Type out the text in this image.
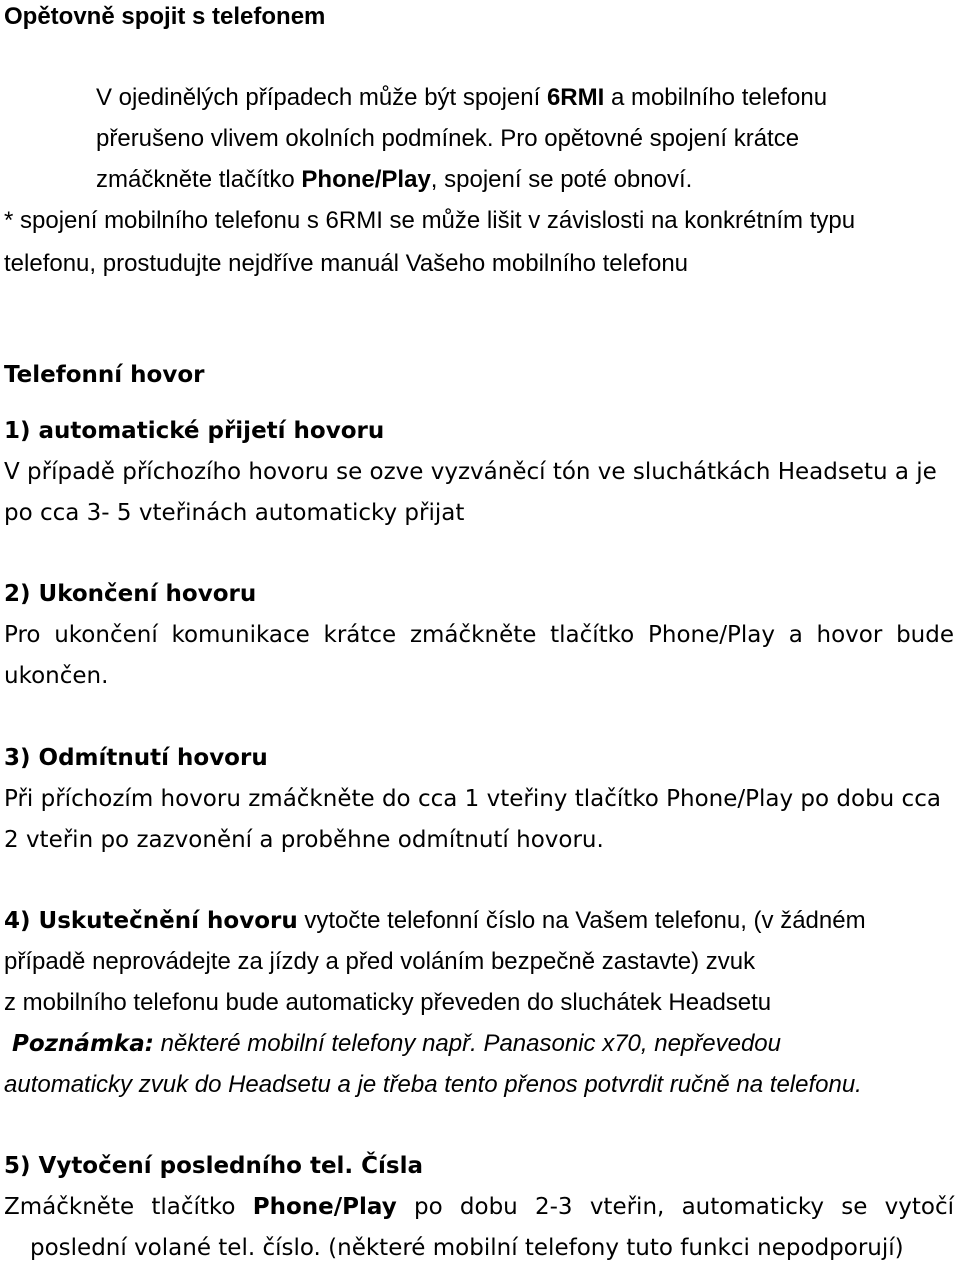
Opětovně spojit s telefonem
V ojedinělých případech může být spojení 6RMI a mobilního telefonu
přerušeno vlivem okolních podmínek. Pro opětovné spojení krátce
zmáčkněte tlačítko Phone/Play, spojení se poté obnoví.
* spojení mobilního telefonu s 6RMI se může lišit v závislosti na konkrétním typu
telefonu, prostudujte nejdříve manuál Vašeho mobilního telefonu
Telefonní hovor
1) automatické přijetí hovoru
V případě příchozího hovoru se ozve vyzváněcí tón ve sluchátkách Headsetu a je
po cca 3- 5 vteřinách automaticky přijat
2) Ukončení hovoru
Pro ukončení komunikace krátce zmáčkněte tlačítko Phone/Play a hovor bude
ukončen.
3) Odmítnutí hovoru
Při příchozím hovoru zmáčkněte do cca 1 vteřiny tlačítko Phone/Play po dobu cca
2 vteřin po zazvonění a proběhne odmítnutí hovoru.
4) Uskutečnění hovoru vytočte telefonní číslo na Vašem telefonu, (v žádném
případě neprovádejte za jízdy a před voláním bezpečně zastavte) zvuk
z mobilního telefonu bude automaticky převeden do sluchátek Headsetu
Poznámka: některé mobilní telefony např. Panasonic x70, nepřevedou
automaticky zvuk do Headsetu a je třeba tento přenos potvrdit ručně na telefonu.
5) Vytočení posledního tel. Čísla
Zmáčkněte tlačítko Phone/Play po dobu 2-3 vteřin, automaticky se vytočí
poslední volané tel. číslo. (některé mobilní telefony tuto funkci nepodporují)
